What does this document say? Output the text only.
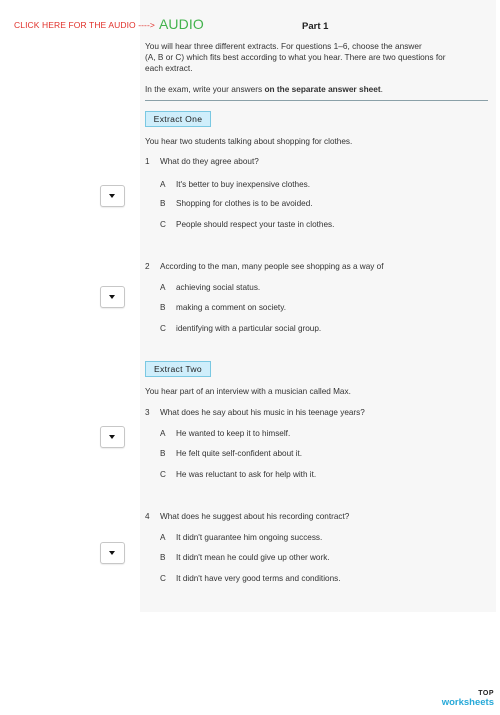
CLICK HERE FOR THE AUDIO ----> AUDIO	Part 1
You will hear three different extracts. For questions 1–6, choose the answer
(A, B or C) which fits best according to what you hear. There are two questions for
each extract.
In the exam, write your answers on the separate answer sheet.
Extract One
You hear two students talking about shopping for clothes.
1 What do they agree about?
A It's better to buy inexpensive clothes.
B Shopping for clothes is to be avoided.
C People should respect your taste in clothes.
2 According to the man, many people see shopping as a way of
A achieving social status.
B making a comment on society.
C identifying with a particular social group.
Extract Two
You hear part of an interview with a musician called Max.
3 What does he say about his music in his teenage years?
A He wanted to keep it to himself.
B He felt quite self-confident about it.
C He was reluctant to ask for help with it.
4 What does he suggest about his recording contract?
A It didn't guarantee him ongoing success.
B It didn't mean he could give up other work.
C It didn't have very good terms and conditions.
TOP
worksheets
